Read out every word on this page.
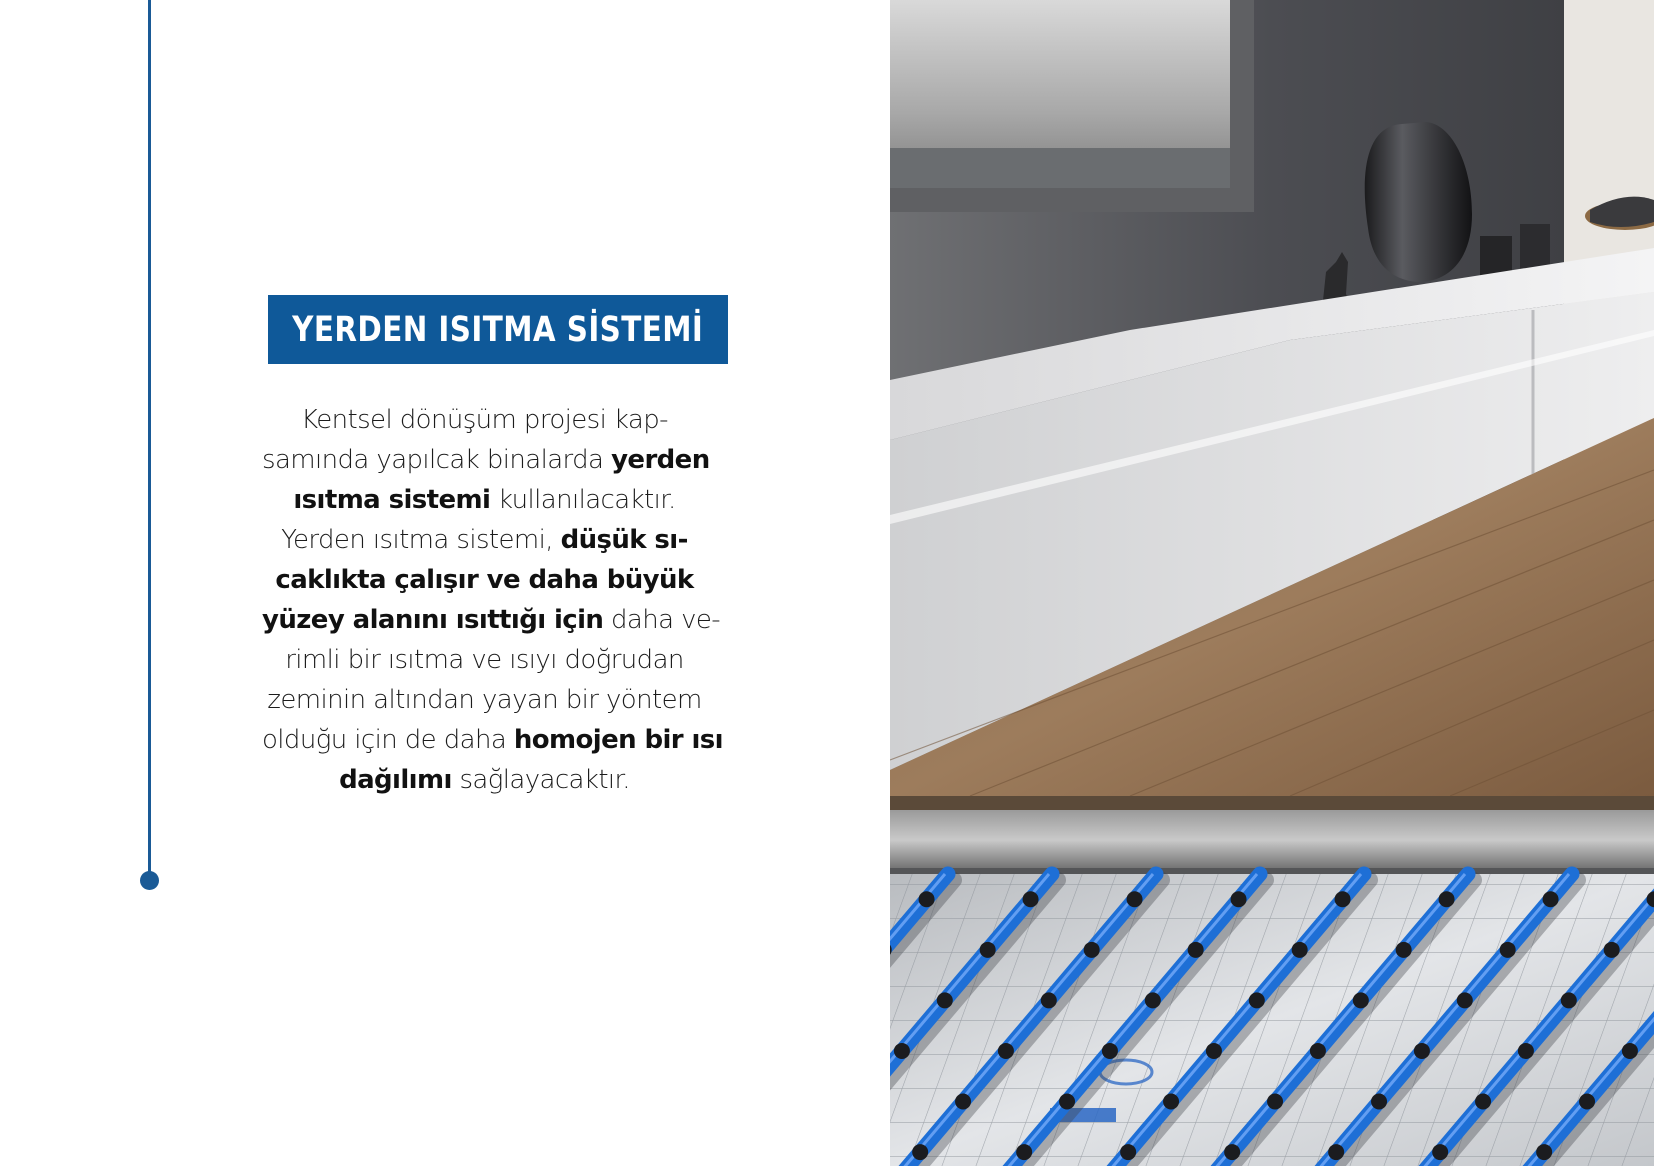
YERDEN ISITMA SİSTEMİ
Kentsel dönüşüm projesi kap-
samında yapılcak binalarda yerden
ısıtma sistemi kullanılacaktır.
Yerden ısıtma sistemi, düşük sı-
caklıkta çalışır ve daha büyük
yüzey alanını ısıttığı için daha ve-
rimli bir ısıtma ve ısıyı doğrudan
zeminin altından yayan bir yöntem
olduğu için de daha homojen bir ısı
dağılımı sağlayacaktır.
